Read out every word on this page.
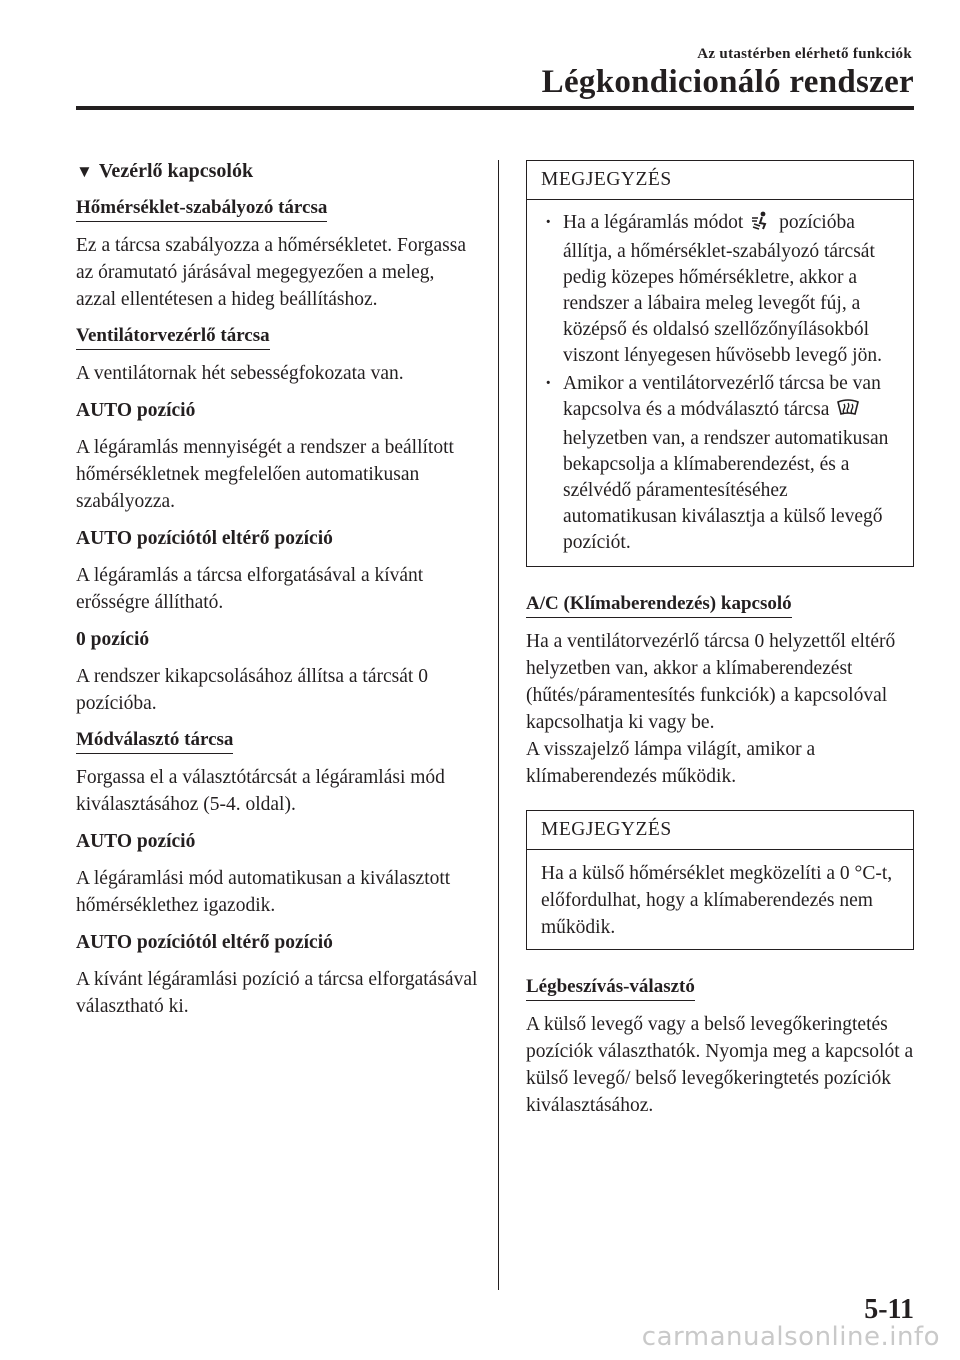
Az utastérben elérhető funkciók
Légkondicionáló rendszer
▼ Vezérlő kapcsolók
Hőmérséklet-szabályozó tárcsa

Ez a tárcsa szabályozza a hőmérsékletet. Forgassa az óramutató járásával megegyezően a meleg, azzal ellentétesen a hideg beállításhoz.

Ventilátorvezérlő tárcsa

A ventilátornak hét sebességfokozata van.

AUTO pozíció

A légáramlás mennyiségét a rendszer a beállított hőmérsékletnek megfelelően automatikusan szabályozza.

AUTO pozíciótól eltérő pozíció

A légáramlás a tárcsa elforgatásával a kívánt erősségre állítható.

0 pozíció

A rendszer kikapcsolásához állítsa a tárcsát 0 pozícióba.

Módválasztó tárcsa

Forgassa el a választótárcsát a légáramlási mód kiválasztásához (5-4. oldal).

AUTO pozíció

A légáramlási mód automatikusan a kiválasztott hőmérséklethez igazodik.

AUTO pozíciótól eltérő pozíció

A kívánt légáramlási pozíció a tárcsa elforgatásával választható ki.

MEGJEGYZÉS
· Ha a légáramlás módot pozícióba állítja, a hőmérséklet-szabályozó tárcsát pedig közepes hőmérsékletre, akkor a rendszer a lábaira meleg levegőt fúj, a középső és oldalsó szellőzőnyílásokból viszont lényegesen hűvösebb levegő jön.
· Amikor a ventilátorvezérlő tárcsa be van kapcsolva és a módválasztó tárcsa  helyzetben van, a rendszer automatikusan bekapcsolja a klímaberendezést, és a szélvédő páramentesítéséhez automatikusan kiválasztja a külső levegő pozíciót.
A/C (Klímaberendezés) kapcsoló

Ha a ventilátorvezérlő tárcsa 0 helyzettől eltérő helyzetben van, akkor a klímaberendezést (hűtés/páramentesítés funkciók) a kapcsolóval kapcsolhatja ki vagy be.

A visszajelző lámpa világít, amikor a klímaberendezés működik.

MEGJEGYZÉS

Ha a külső hőmérséklet megközelíti a 0 °C-t, előfordulhat, hogy a klímaberendezés nem működik.

Légbeszívás-választó

A külső levegő vagy a belső levegőkeringtetés pozíciók választhatók. Nyomja meg a kapcsolót a külső levegő/ belső levegőkeringtetés pozíciók kiválasztásához.

5-11
carmanualsonline.info
